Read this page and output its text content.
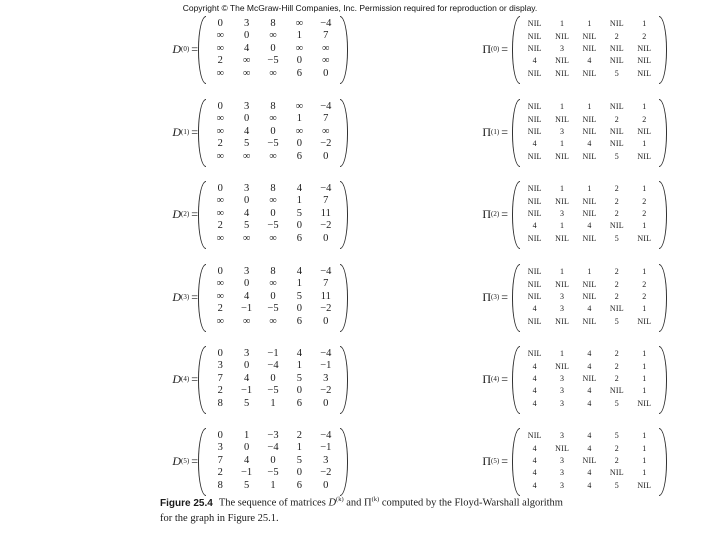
Copyright © The McGraw-Hill Companies, Inc. Permission required for reproduction or display.
D (0) =	Π (0) =
0	3	8	∞	−4
∞	0	∞	1	7
∞	4	0	∞	∞
2	∞	−5	0	∞
∞	∞	∞	6	0
NIL	1	1	NIL	1
NIL	NIL	NIL	2	2
NIL	3	NIL	NIL	NIL
4	NIL	4	NIL	NIL
NIL	NIL	NIL	5	NIL
D (1) =	Π (1) =
0	3	8	∞	−4
∞	0	∞	1	7
∞	4	0	∞	∞
2	5	−5	0	−2
∞	∞	∞	6	0
NIL	1	1	NIL	1
NIL	NIL	NIL	2	2
NIL	3	NIL	NIL	NIL
4	1	4	NIL	1
NIL	NIL	NIL	5	NIL
D (2) =	Π (2) =
0	3	8	4	−4
∞	0	∞	1	7
∞	4	0	5	11
2	5	−5	0	−2
∞	∞	∞	6	0
NIL	1	1	2	1
NIL	NIL	NIL	2	2
NIL	3	NIL	2	2
4	1	4	NIL	1
NIL	NIL	NIL	5	NIL
D (3) =	Π (3) =
0	3	8	4	−4
∞	0	∞	1	7
∞	4	0	5	11
2	−1	−5	0	−2
∞	∞	∞	6	0
NIL	1	1	2	1
NIL	NIL	NIL	2	2
NIL	3	NIL	2	2
4	3	4	NIL	1
NIL	NIL	NIL	5	NIL
D (4) =	Π (4) =
0	3	−1	4	−4
3	0	−4	1	−1
7	4	0	5	3
2	−1	−5	0	−2
8	5	1	6	0
NIL	1	4	2	1
4	NIL	4	2	1
4	3	NIL	2	1
4	3	4	NIL	1
4	3	4	5	NIL
D (5) =	Π (5) =
0	1	−3	2	−4
3	0	−4	1	−1
7	4	0	5	3
2	−1	−5	0	−2
8	5	1	6	0
NIL	3	4	5	1
4	NIL	4	2	1
4	3	NIL	2	1
4	3	4	NIL	1
4	3	4	5	NIL
Figure 25.4 The sequence of matrices $D^{(k)}$ and $\Pi^{(k)}$ computed by the Floyd-Warshall algorithm
for the graph in Figure 25.1.
